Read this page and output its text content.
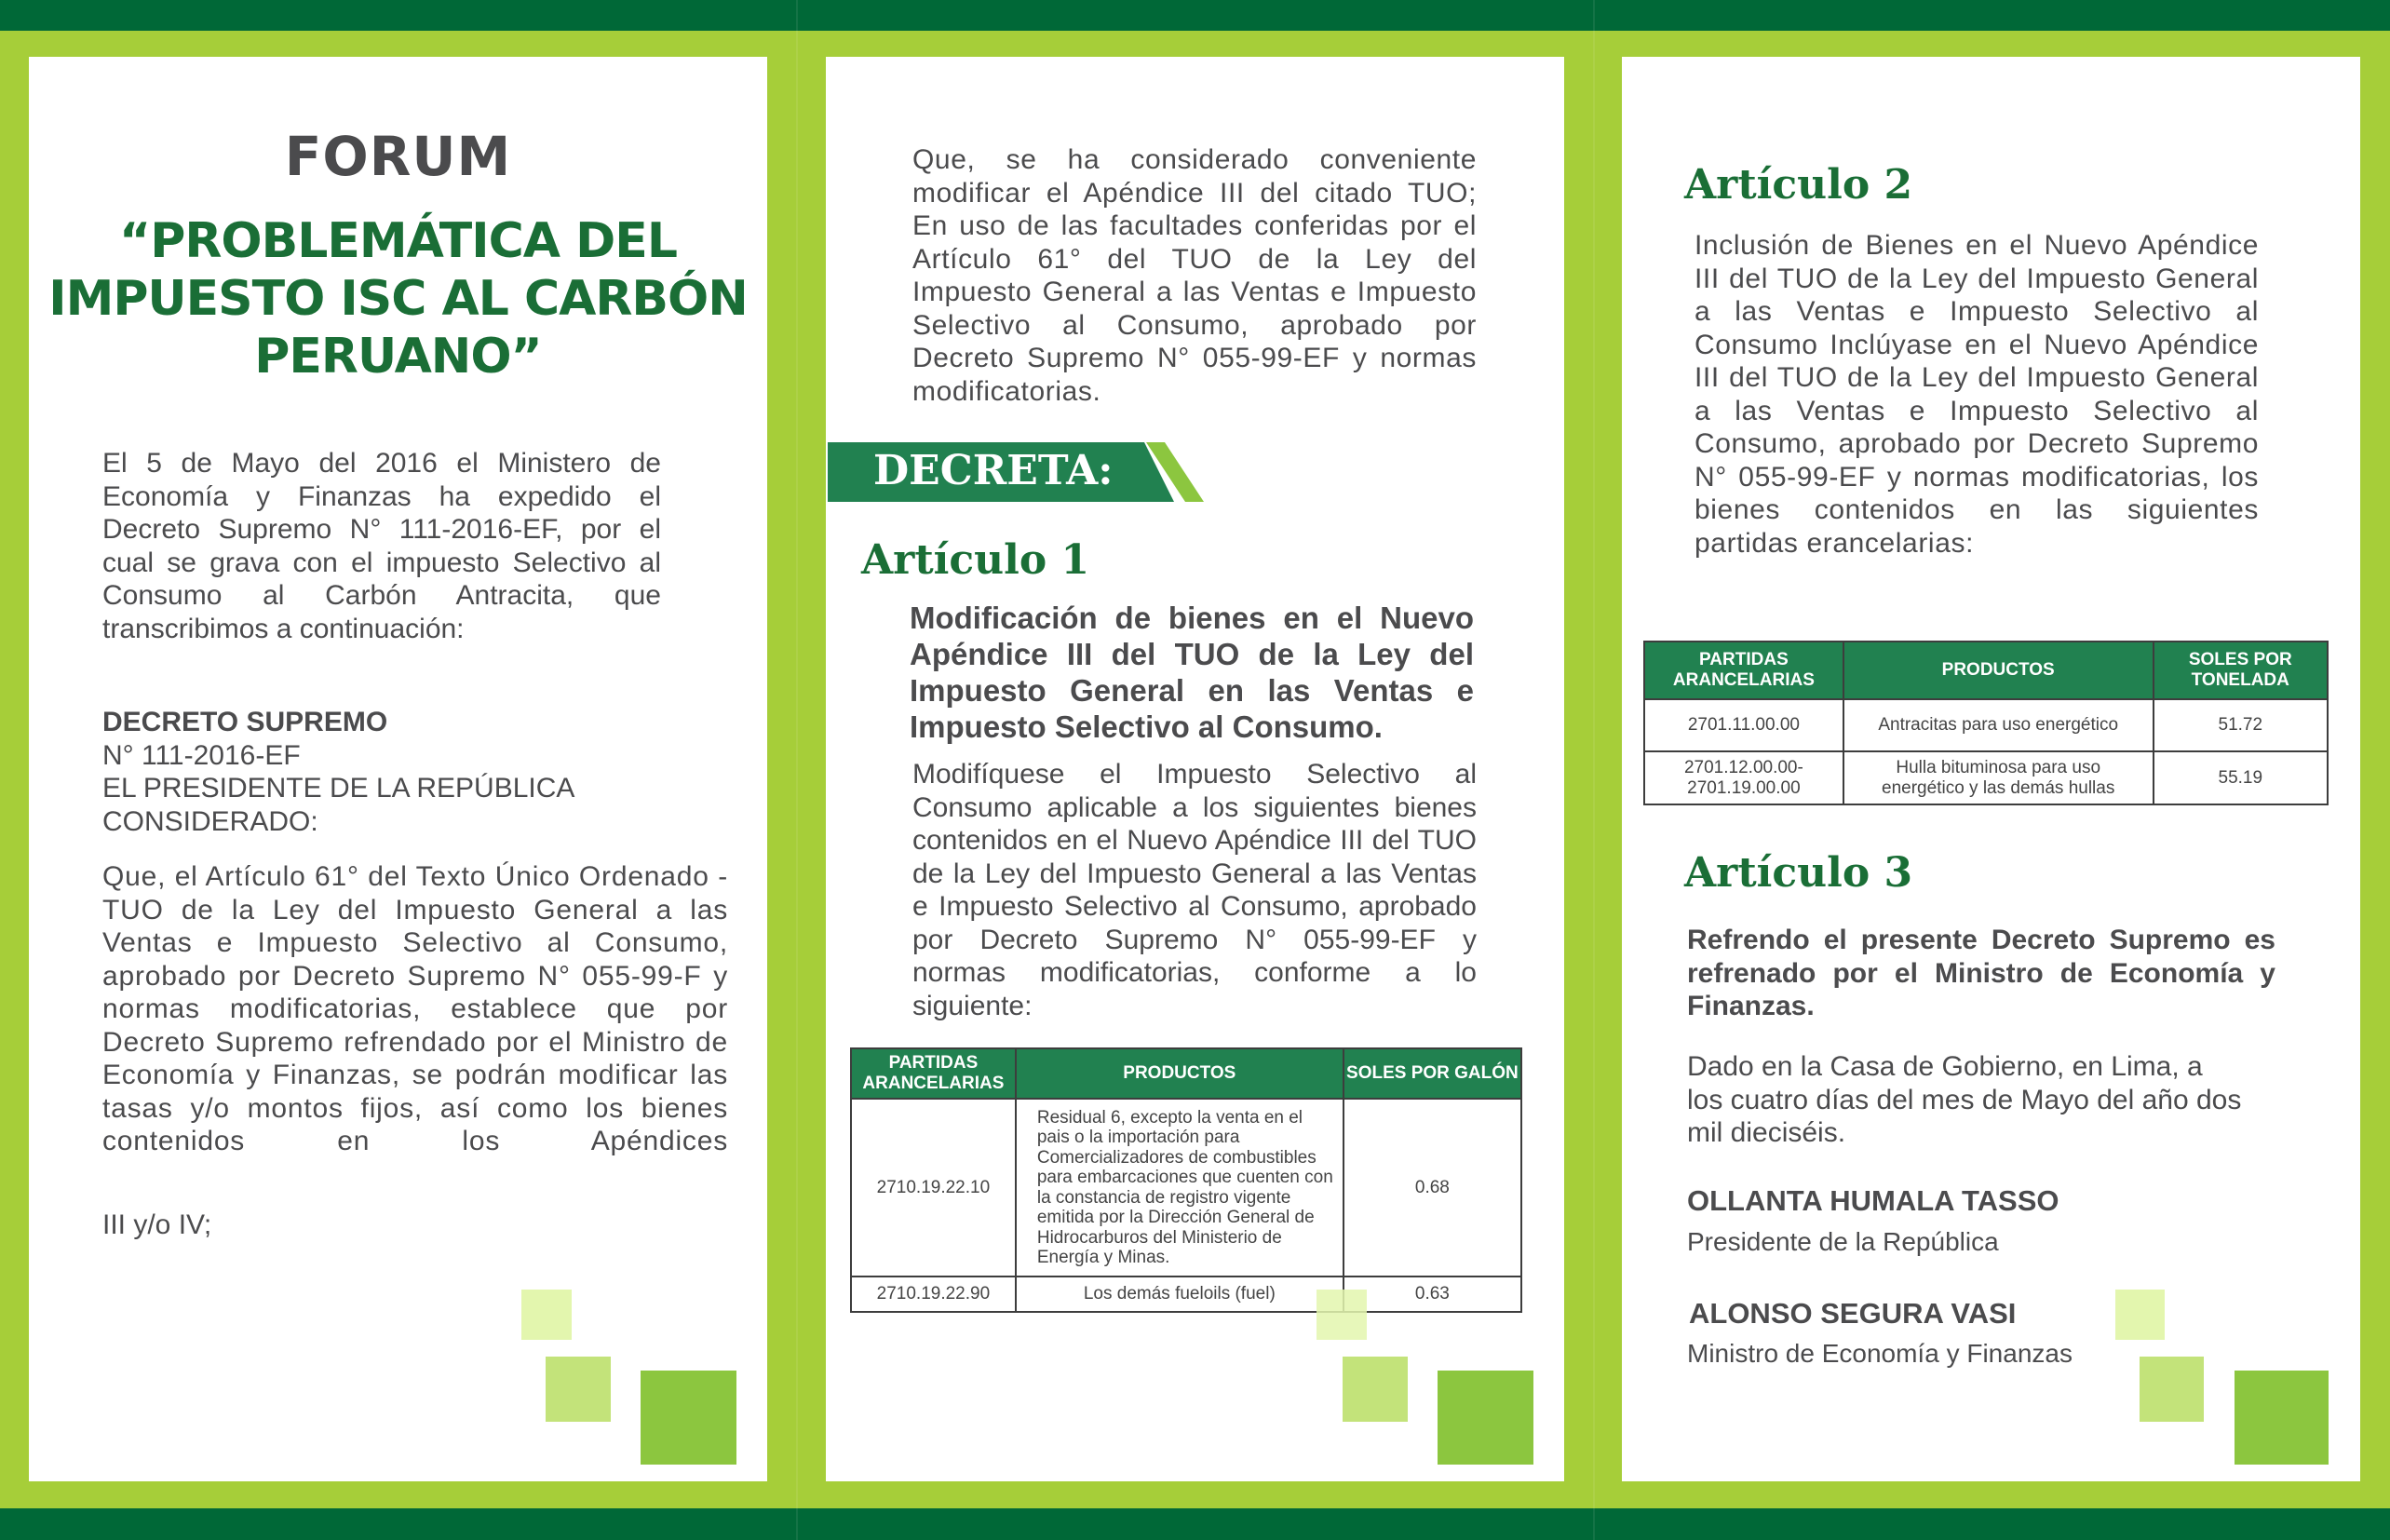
FORUM
“PROBLEMÁTICA DEL
IMPUESTO ISC AL CARBÓN
PERUANO”
El 5 de Mayo del 2016 el Ministero de Economía y Finanzas ha expedido el Decreto Supremo N° 111-2016-EF, por el cual se grava con el impuesto Selectivo al Consumo al Carbón Antracita, que transcribimos a continuación:
DECRETO SUPREMO
N° 111-2016-EF
EL PRESIDENTE DE LA REPÚBLICA
CONSIDERADO:
Que, el Artículo 61° del Texto Único Ordenado - TUO de la Ley del Impuesto General a las Ventas e Impuesto Selectivo al Consumo, aprobado por Decreto Supremo N° 055-99-F y normas modificatorias, establece que por Decreto Supremo refrendado por el Ministro de Economía y Finanzas, se podrán modificar las tasas y/o montos fijos, así como los bienes contenidos en los Apéndices
III y/o IV;
Que, se ha considerado conveniente modificar el Apéndice III del citado TUO; En uso de las facultades conferidas por el Artículo 61° del TUO de la Ley del Impuesto General a las Ventas e Impuesto Selectivo al Consumo, aprobado por Decreto Supremo N° 055-99-EF y normas modificatorias.
DECRETA:
Artículo 1
Modificación de bienes en el Nuevo Apéndice III del TUO de la Ley del Impuesto General en las Ventas e Impuesto Selectivo al Consumo.
Modifíquese el Impuesto Selectivo al Consumo aplicable a los siguientes bienes contenidos en el Nuevo Apéndice III del TUO de la Ley del Impuesto General a las Ventas e Impuesto Selectivo al Consumo, aprobado por Decreto Supremo N° 055-99-EF y normas modificatorias, conforme a lo siguiente:
PARTIDAS ARANCELARIAS	PRODUCTOS	SOLES POR GALÓN
2710.19.22.10	Residual 6, excepto la venta en el pais o la importación para Comercializadores de combustibles para embarcaciones que cuenten con la constancia de registro vigente emitida por la Dirección General de Hidrocarburos del Ministerio de Energía y Minas.	0.68
2710.19.22.90	Los demás fueloils (fuel)	0.63
Artículo 2
Inclusión de Bienes en el Nuevo Apéndice III del TUO de la Ley del Impuesto General a las Ventas e Impuesto Selectivo al Consumo Inclúyase en el Nuevo Apéndice III del TUO de la Ley del Impuesto General a las Ventas e Impuesto Selectivo al Consumo, aprobado por Decreto Supremo N° 055-99-EF y normas modificatorias, los bienes contenidos en las siguientes partidas erancelarias:
PARTIDAS ARANCELARIAS	PRODUCTOS	SOLES POR TONELADA
2701.11.00.00	Antracitas para uso energético	51.72
2701.12.00.00- 2701.19.00.00	Hulla bituminosa para uso energético y las demás hullas	55.19
Artículo 3
Refrendo el presente Decreto Supremo es refrenado por el Ministro de Economía y Finanzas.
Dado en la Casa de Gobierno, en Lima, a los cuatro días del mes de Mayo del año dos mil dieciséis.
OLLANTA HUMALA TASSO
Presidente de la República
ALONSO SEGURA VASI
Ministro de Economía y Finanzas
